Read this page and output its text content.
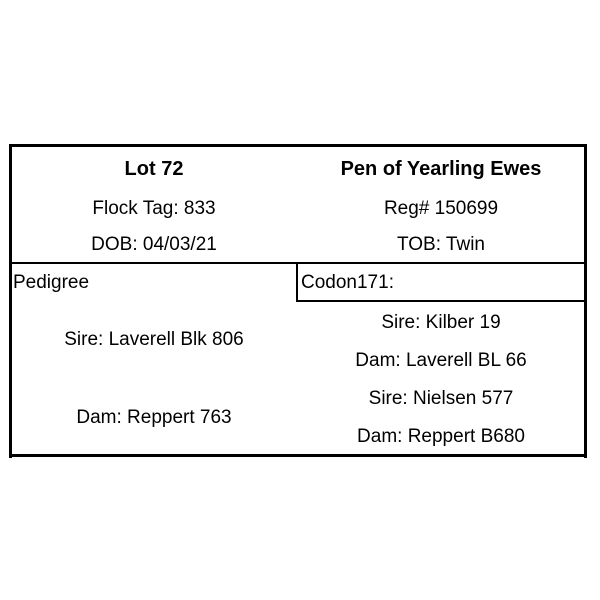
Lot 72
Flock Tag: 833
DOB: 04/03/21
Pen of Yearling Ewes
Reg# 150699
TOB: Twin
Pedigree	Codon171:
Sire: Laverell Blk 806
Dam: Reppert 763
Sire: Kilber 19
Dam: Laverell BL 66
Sire: Nielsen 577
Dam: Reppert B680
